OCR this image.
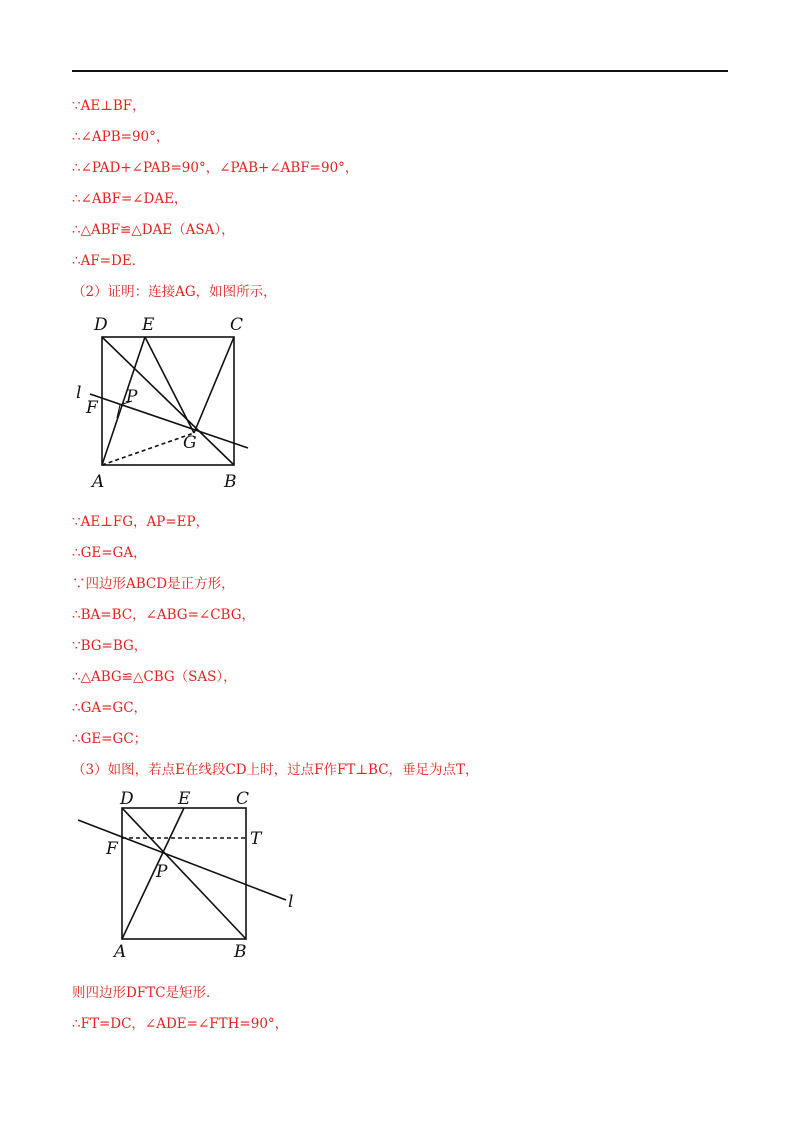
∵AE⊥BF，
∴∠APB=90°，
∴∠PAD+∠PAB=90°，∠PAB+∠ABF=90°，
∴∠ABF=∠DAE，
∴△ABF≌△DAE（ASA），
∴AF=DE．
（2）证明：连接AG，如图所示，
D E	C
l
F
P
G
A	B
∵AE⊥FG，AP=EP，
∴GE=GA，
∵四边形ABCD是正方形，
∴BA=BC，∠ABG=∠CBG，
∵BG=BG，
∴△ABG≌△CBG（SAS），
∴GA=GC，
∴GE=GC；
（3）如图，若点E在线段CD上时，过点F作FT⊥BC，垂足为点T，
D	E	C
T
F
P
l
A	B
则四边形DFTC是矩形．
∴FT=DC，∠ADE=∠FTH=90°，
